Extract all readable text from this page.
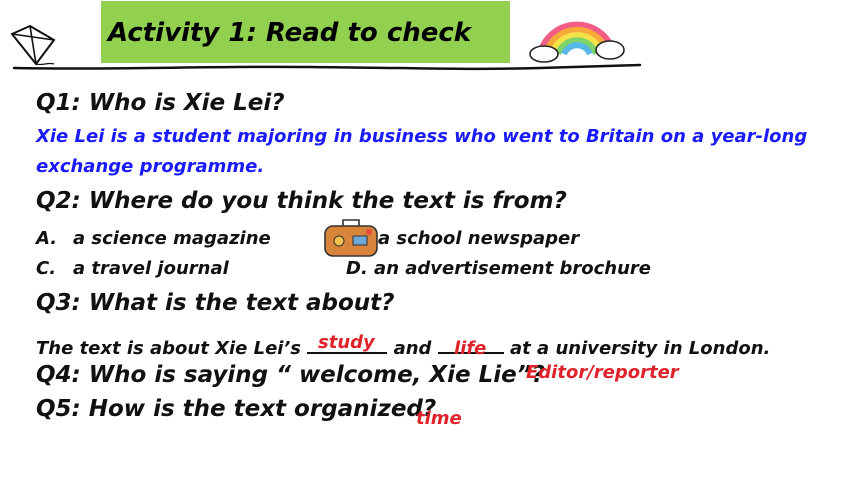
Activity 1: Read to check
Q1: Who is Xie Lei?
Xie Lei is a student majoring in business who went to Britain on a year-long
exchange programme.
Q2: Where do you think the text is from?
A. a science magazine	a school newspaper
C. a travel journal	D. an advertisement brochure
Q3: What is the text about?
The text is about Xie Lei’s	and	at a university in London.
study	life
Q4: Who is saying “ welcome, Xie Lie”?
Editor/reporter
Q5: How is the text organized?
time
